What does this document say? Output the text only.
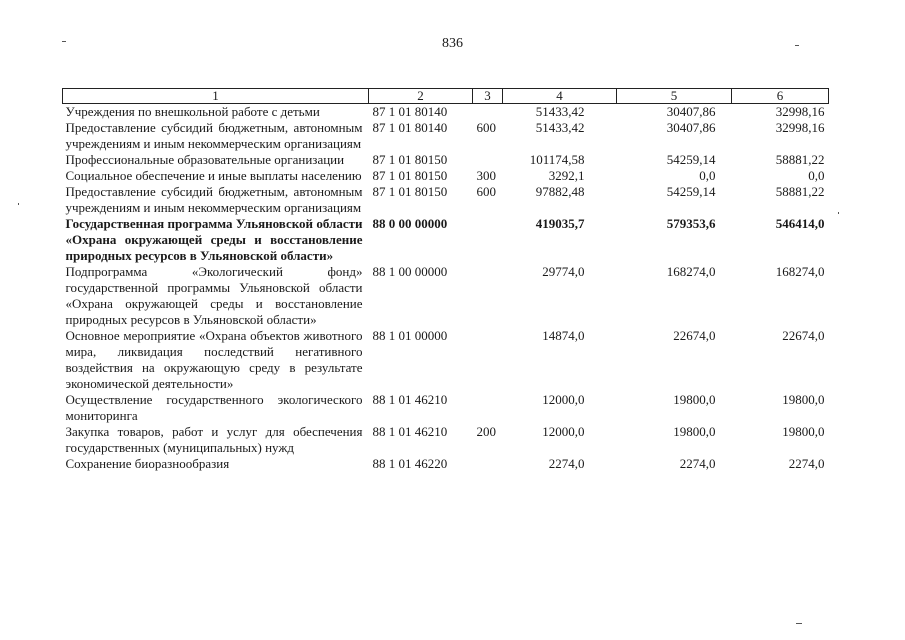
836
1	2	3	4	5	6
Учреждения по внешкольной работе с детьми	87 1 01 80140		51433,42	30407,86	32998,16
Предоставление субсидий бюджетным, автономным учреждениям и иным некоммерческим организациям	87 1 01 80140	600	51433,42	30407,86	32998,16
Профессиональные образовательные организации	87 1 01 80150		101174,58	54259,14	58881,22
Социальное обеспечение и иные выплаты населению	87 1 01 80150	300	3292,1	0,0	0,0
Предоставление субсидий бюджетным, автономным учреждениям и иным некоммерческим организациям	87 1 01 80150	600	97882,48	54259,14	58881,22
Государственная программа Ульяновской области «Охрана окружающей среды и восстановление природных ресурсов в Ульяновской области»	88 0 00 00000		419035,7	579353,6	546414,0
Подпрограмма «Экологический фонд» государственной программы Ульяновской области «Охрана окружающей среды и восстановление природных ресурсов в Ульяновской области»	88 1 00 00000		29774,0	168274,0	168274,0
Основное мероприятие «Охрана объектов животного мира, ликвидация последствий негативного воздействия на окружающую среду в результате экономической деятельности»	88 1 01 00000		14874,0	22674,0	22674,0
Осуществление государственного экологического мониторинга	88 1 01 46210		12000,0	19800,0	19800,0
Закупка товаров, работ и услуг для обеспечения государственных (муниципальных) нужд	88 1 01 46210	200	12000,0	19800,0	19800,0
Сохранение биоразнообразия	88 1 01 46220		2274,0	2274,0	2274,0
